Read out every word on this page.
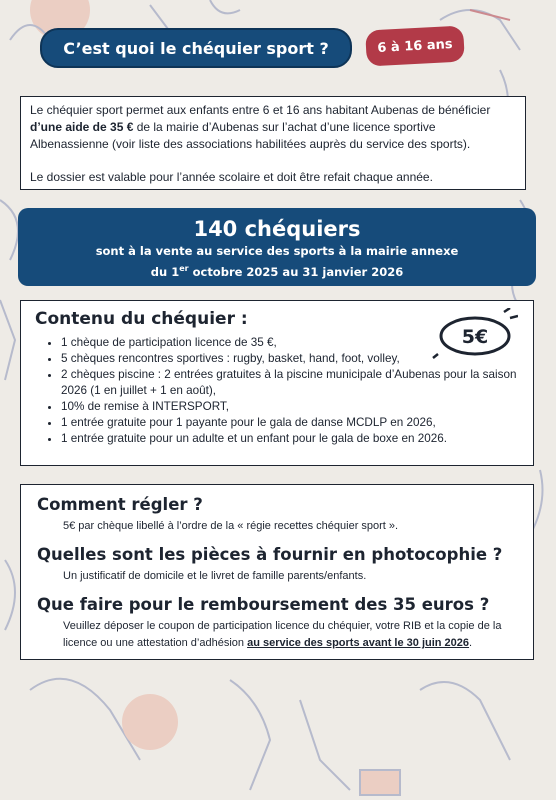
C’est quoi le chéquier sport ?	6 à 16 ans

Le chéquier sport permet aux enfants entre 6 et 16 ans habitant Aubenas de bénéficier
d’une aide de 35 € de la mairie d’Aubenas sur l’achat d’une licence sportive
Albenassienne (voir liste des associations habilitées auprès du service des sports).

Le dossier est valable pour l’année scolaire et doit être refait chaque année.

140 chéquiers
sont à la vente au service des sports à la mairie annexe
du 1er octobre 2025 au 31 janvier 2026
Contenu du chéquier :
• 1 chèque de participation licence de 35 €,
• 5 chèques rencontres sportives : rugby, basket, hand, foot, volley,
• 2 chèques piscine : 2 entrées gratuites à la piscine municipale d’Aubenas pour la saison 2026 (1 en juillet + 1 en août),
• 10% de remise à INTERSPORT,
• 1 entrée gratuite pour 1 payante pour le gala de danse MCDLP en 2026,
• 1 entrée gratuite pour un adulte et un enfant pour le gala de boxe en 2026.
5€
Comment régler ?

5€ par chèque libellé à l’ordre de la « régie recettes chéquier sport ».

Quelles sont les pièces à fournir en photocophie ?

Un justificatif de domicile et le livret de famille parents/enfants.

Que faire pour le remboursement des 35 euros ?

Veuillez déposer le coupon de participation licence du chéquier, votre RIB et la copie de la licence ou une attestation d’adhésion au service des sports avant le 30 juin 2026.
